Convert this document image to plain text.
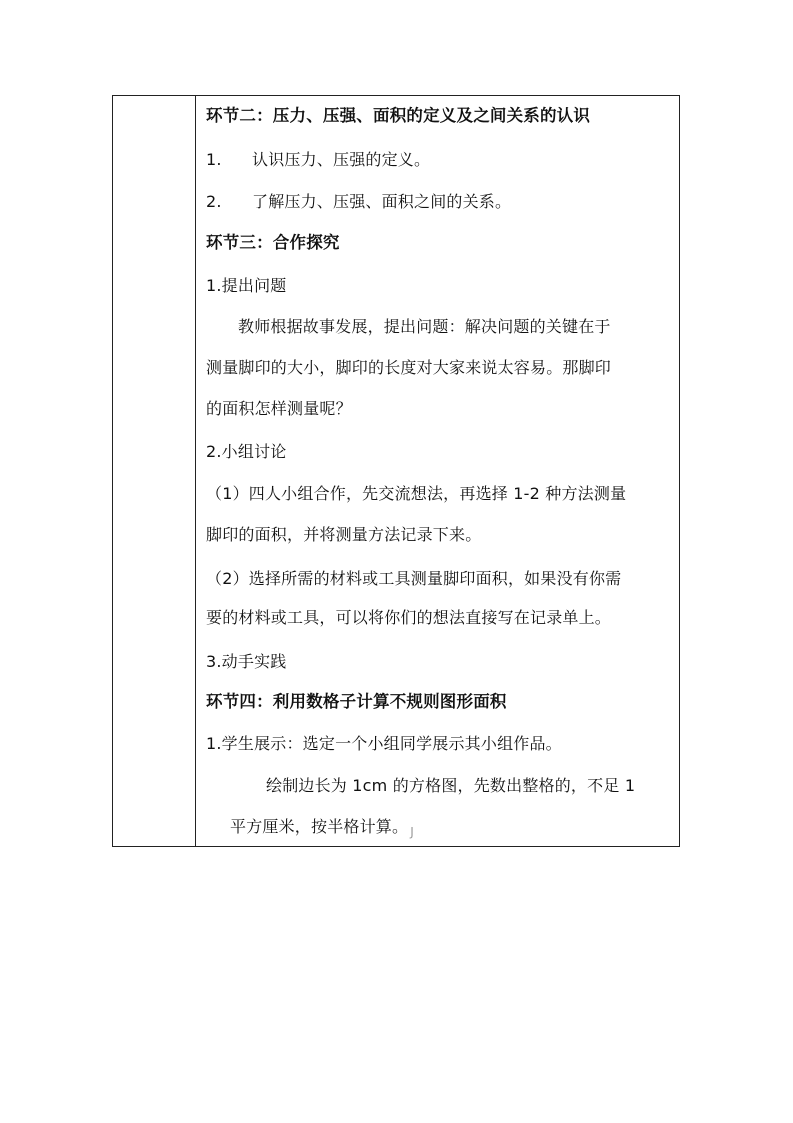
环节二：压力、压强、面积的定义及之间关系的认识
1. 认识压力、压强的定义。
2. 了解压力、压强、面积之间的关系。
环节三：合作探究
1.提出问题
教师根据故事发展，提出问题：解决问题的关键在于
测量脚印的大小，脚印的长度对大家来说太容易。那脚印
的面积怎样测量呢？
2.小组讨论
（1）四人小组合作，先交流想法，再选择 1-2 种方法测量
脚印的面积，并将测量方法记录下来。
（2）选择所需的材料或工具测量脚印面积，如果没有你需
要的材料或工具，可以将你们的想法直接写在记录单上。
3.动手实践
环节四：利用数格子计算不规则图形面积
1.学生展示：选定一个小组同学展示其小组作品。
绘制边长为 1cm 的方格图，先数出整格的，不足 1
平方厘米，按半格计算。 $_J$
